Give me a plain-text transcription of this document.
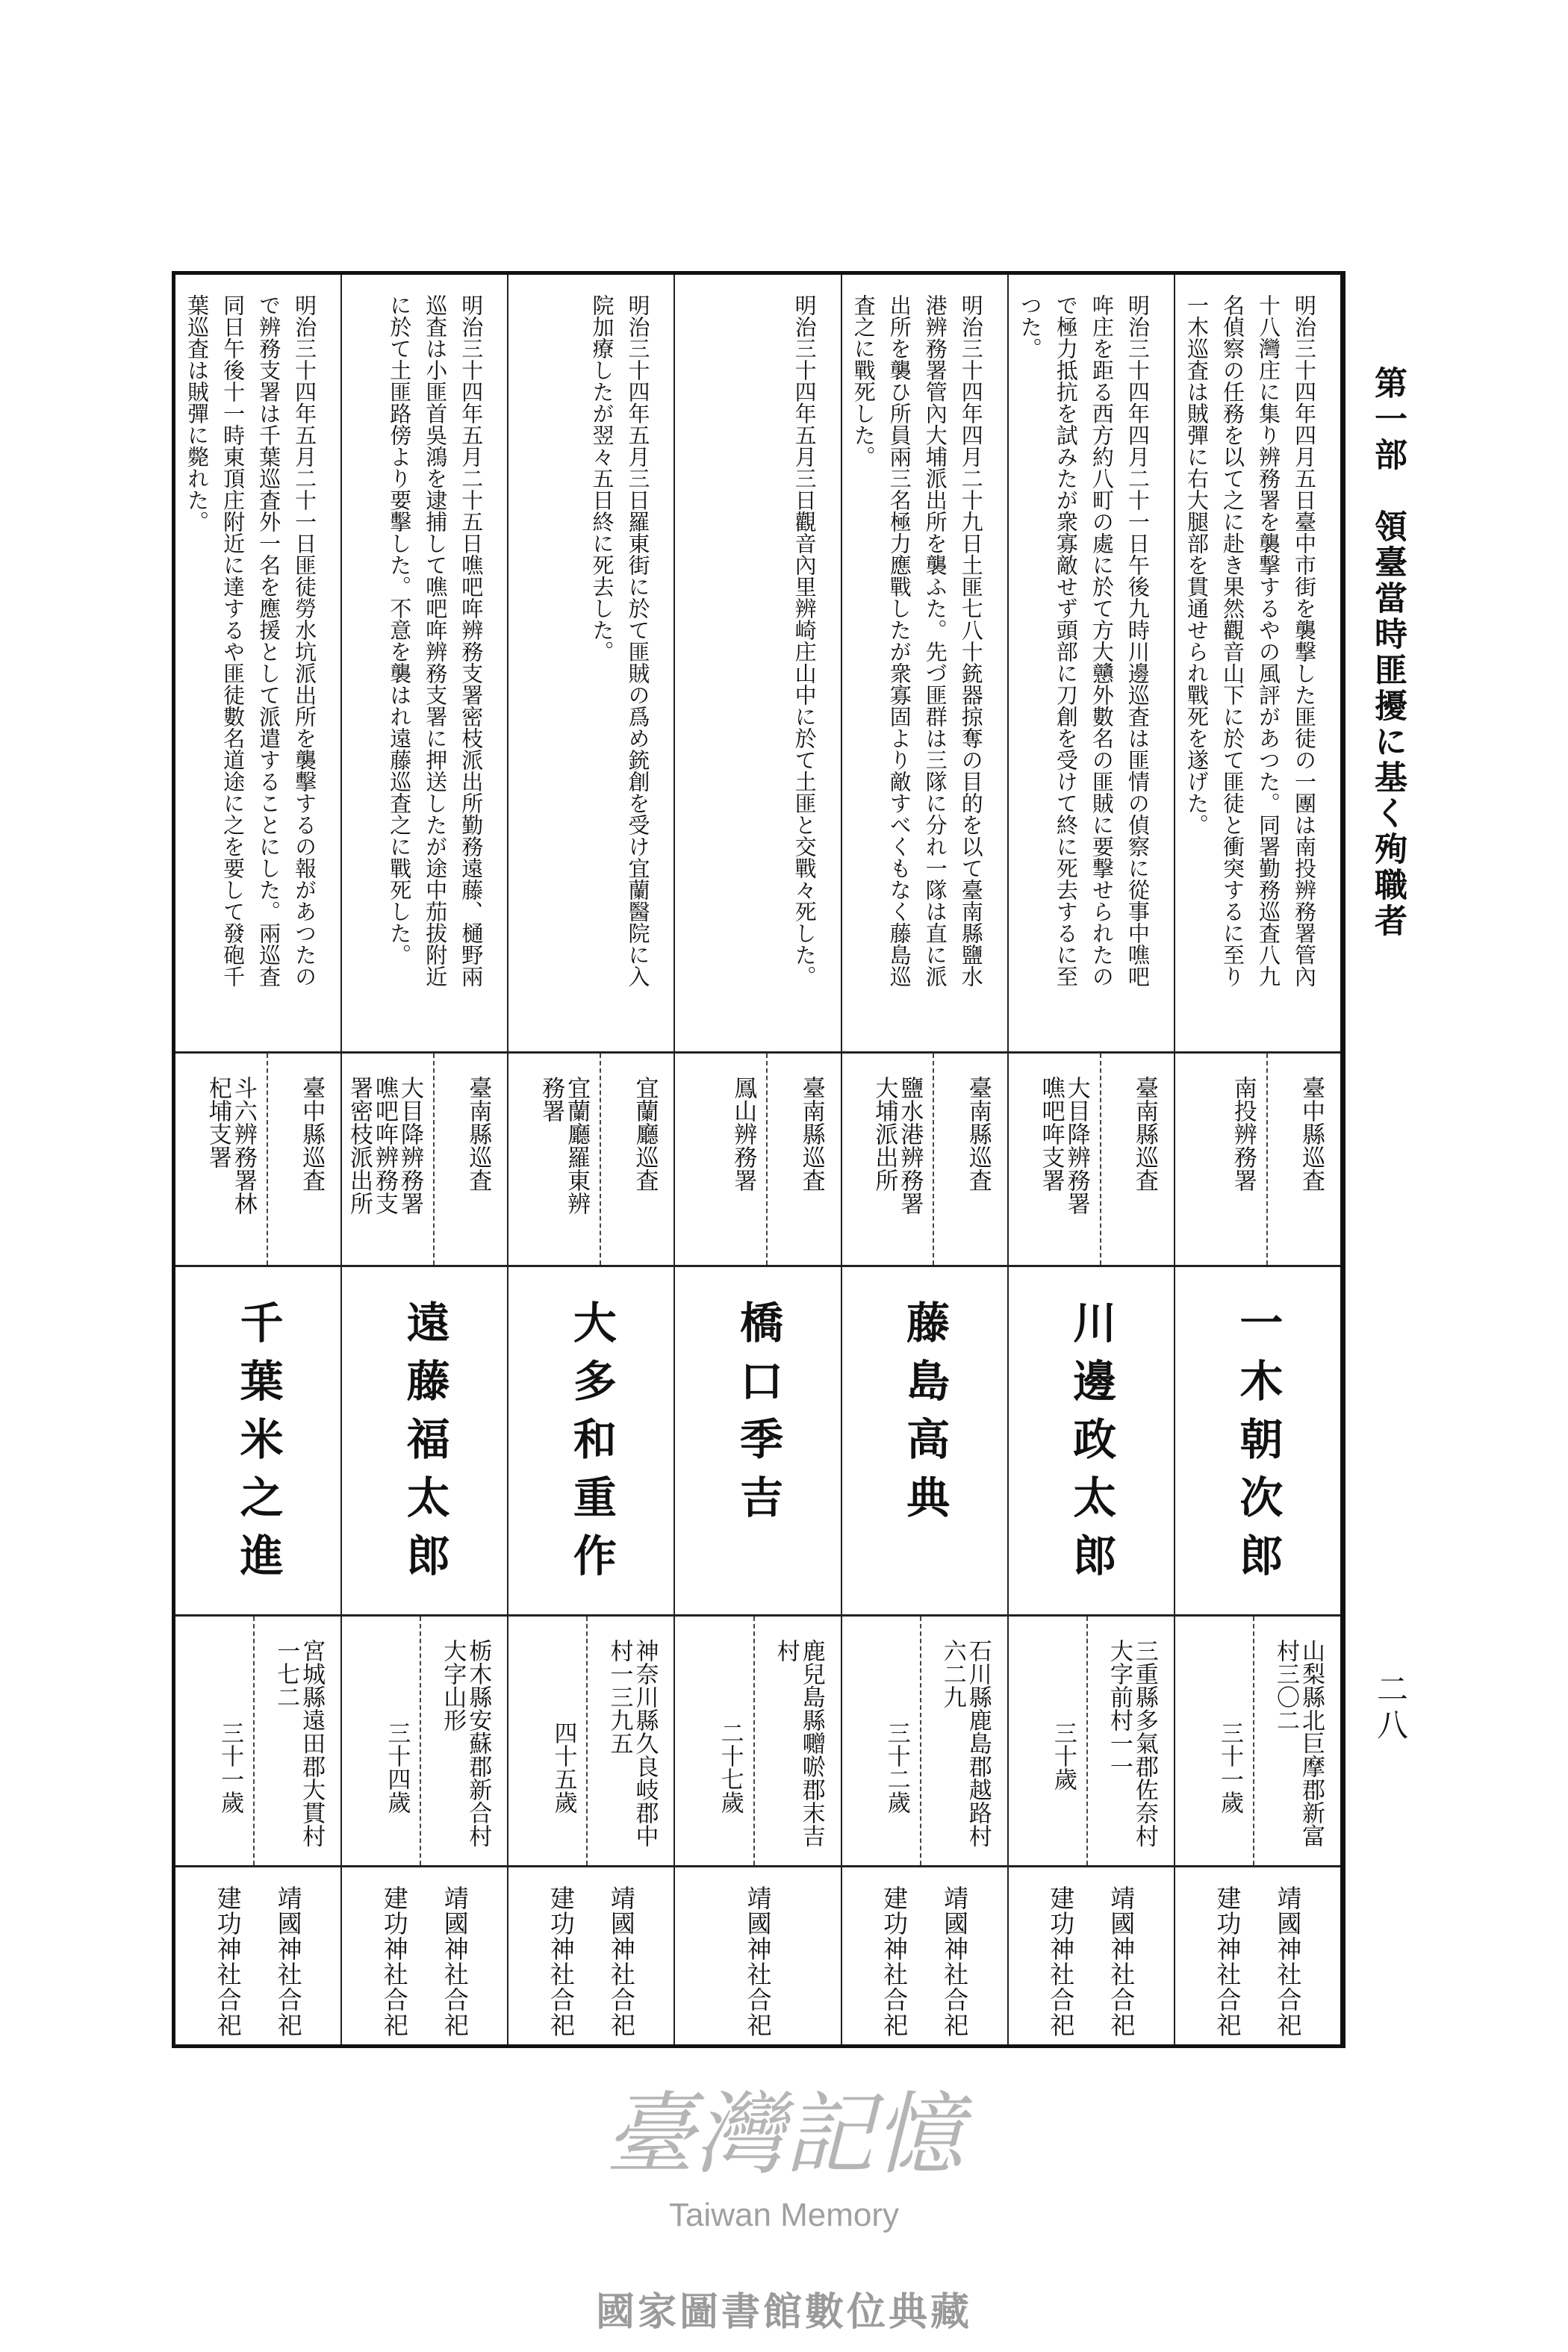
第一部　領臺當時匪擾に基く殉職者
二八
明治三十四年四月五日臺中市街を襲撃した匪徒の一團は南投辨務署管內
十八灣庄に集り辨務署を襲撃するやの風評があつた。同署勤務巡査八九
名偵察の任務を以て之に赴き果然觀音山下に於て匪徒と衝突するに至り
一木巡査は賊彈に右大腿部を貫通せられ戰死を遂げた。
臺中縣巡査
南投辨務署
一木朝次郎
山梨縣北巨摩郡新富
村三〇二
三十一歲
靖國神社合祀
建功神社合祀
明治三十四年四月二十一日午後九時川邊巡査は匪情の偵察に從事中噍吧
哖庄を距る西方約八町の處に於て方大戇外數名の匪賊に要撃せられたの
で極力抵抗を試みたが衆寡敵せず頭部に刀創を受けて終に死去するに至
つた。
臺南縣巡査
大目降辨務署
噍吧哖支署
川邊政太郎
三重縣多氣郡佐奈村
大字前村一一
三十歲
靖國神社合祀
建功神社合祀
明治三十四年四月二十九日土匪七八十銃器掠奪の目的を以て臺南縣鹽水
港辨務署管內大埔派出所を襲ふた。先づ匪群は三隊に分れ一隊は直に派
出所を襲ひ所員兩三名極力應戰したが衆寡固より敵すべくもなく藤島巡
査之に戰死した。
臺南縣巡査
鹽水港辨務署
大埔派出所
藤島高典
石川縣鹿島郡越路村
六二九
三十二歲
靖國神社合祀
建功神社合祀
明治三十四年五月三日觀音內里辨崎庄山中に於て土匪と交戰々死した。
臺南縣巡査
鳳山辨務署
橋口季吉
鹿兒島縣囎唹郡末吉
村
二十七歲
靖國神社合祀
明治三十四年五月三日羅東街に於て匪賊の爲め銃創を受け宜蘭醫院に入
院加療したが翌々五日終に死去した。
宜蘭廳巡査
宜蘭廳羅東辨
務署
大多和重作
神奈川縣久良岐郡中
村一三九五
四十五歲
靖國神社合祀
建功神社合祀
明治三十四年五月二十五日噍吧哖辨務支署密枝派出所勤務遠藤、樋野兩
巡査は小匪首吳鴻を逮捕して噍吧哖辨務支署に押送したが途中茄拔附近
に於て土匪路傍より要擊した。不意を襲はれ遠藤巡査之に戰死した。
臺南縣巡査
大目降辨務署
噍吧哖辨務支
署密枝派出所
遠藤福太郎
栃木縣安蘇郡新合村
大字山形
三十四歲
靖國神社合祀
建功神社合祀
明治三十四年五月二十一日匪徒勞水坑派出所を襲擊するの報があつたの
で辨務支署は千葉巡査外一名を應援として派遣することにした。兩巡査
同日午後十一時東頂庄附近に達するや匪徒數名道途に之を要して發砲千
葉巡査は賊彈に斃れた。
臺中縣巡査
斗六辨務署林
杞埔支署
千葉米之進
宮城縣遠田郡大貫村
一七二
三十一歲
靖國神社合祀
建功神社合祀
臺灣記憶
Taiwan Memory
國家圖書館數位典藏
